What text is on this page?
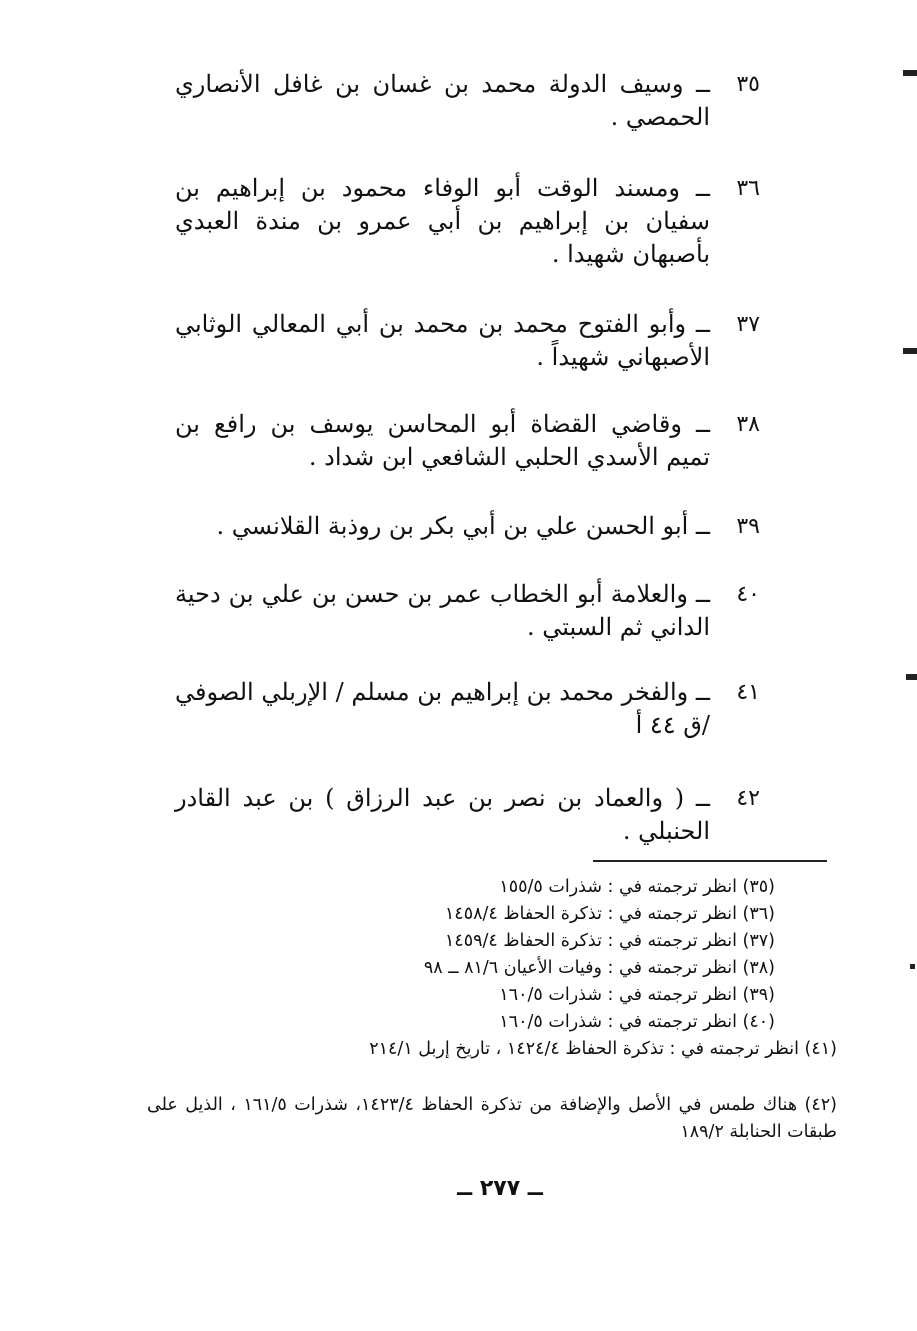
٣٥
ــ وسيف الدولة محمد بن غسان بن غافل الأنصاري الحمصي .
٣٦
ــ ومسند الوقت أبو الوفاء محمود بن إبراهيم بن سفيان بن إبراهيم بن أبي عمرو بن مندة العبدي بأصبهان شهيدا .
٣٧
ــ وأبو الفتوح محمد بن محمد بن أبي المعالي الوثابي الأصبهاني شهيداً .
٣٨
ــ وقاضي القضاة أبو المحاسن يوسف بن رافع بن تميم الأسدي الحلبي الشافعي ابن شداد .
٣٩
ــ أبو الحسن علي بن أبي بكر بن روذبة القلانسي .
٤٠
ــ والعلامة أبو الخطاب عمر بن حسن بن علي بن دحية الداني ثم السبتي .
٤١
ــ والفخر محمد بن إبراهيم بن مسلم / الإربلي الصوفي /ق ٤٤ أ
٤٢
ــ ( والعماد بن نصر بن عبد الرزاق ) بن عبد القادر الحنبلي .
(٣٥) انظر ترجمته في : شذرات ١٥٥/٥
(٣٦) انظر ترجمته في : تذكرة الحفاظ ١٤٥٨/٤
(٣٧) انظر ترجمته في : تذكرة الحفاظ ١٤٥٩/٤
(٣٨) انظر ترجمته في : وفيات الأعيان ٨١/٦ ــ ٩٨
(٣٩) انظر ترجمته في : شذرات ١٦٠/٥
(٤٠) انظر ترجمته في : شذرات ١٦٠/٥
(٤١) انظر ترجمته في : تذكرة الحفاظ ١٤٢٤/٤ ، تاريخ إربل ٢١٤/١
(٤٢) هناك طمس في الأصل والإضافة من تذكرة الحفاظ ١٤٢٣/٤، شذرات ١٦١/٥ ، الذيل على طبقات الحنابلة ١٨٩/٢
ــ ٢٧٧ ــ
